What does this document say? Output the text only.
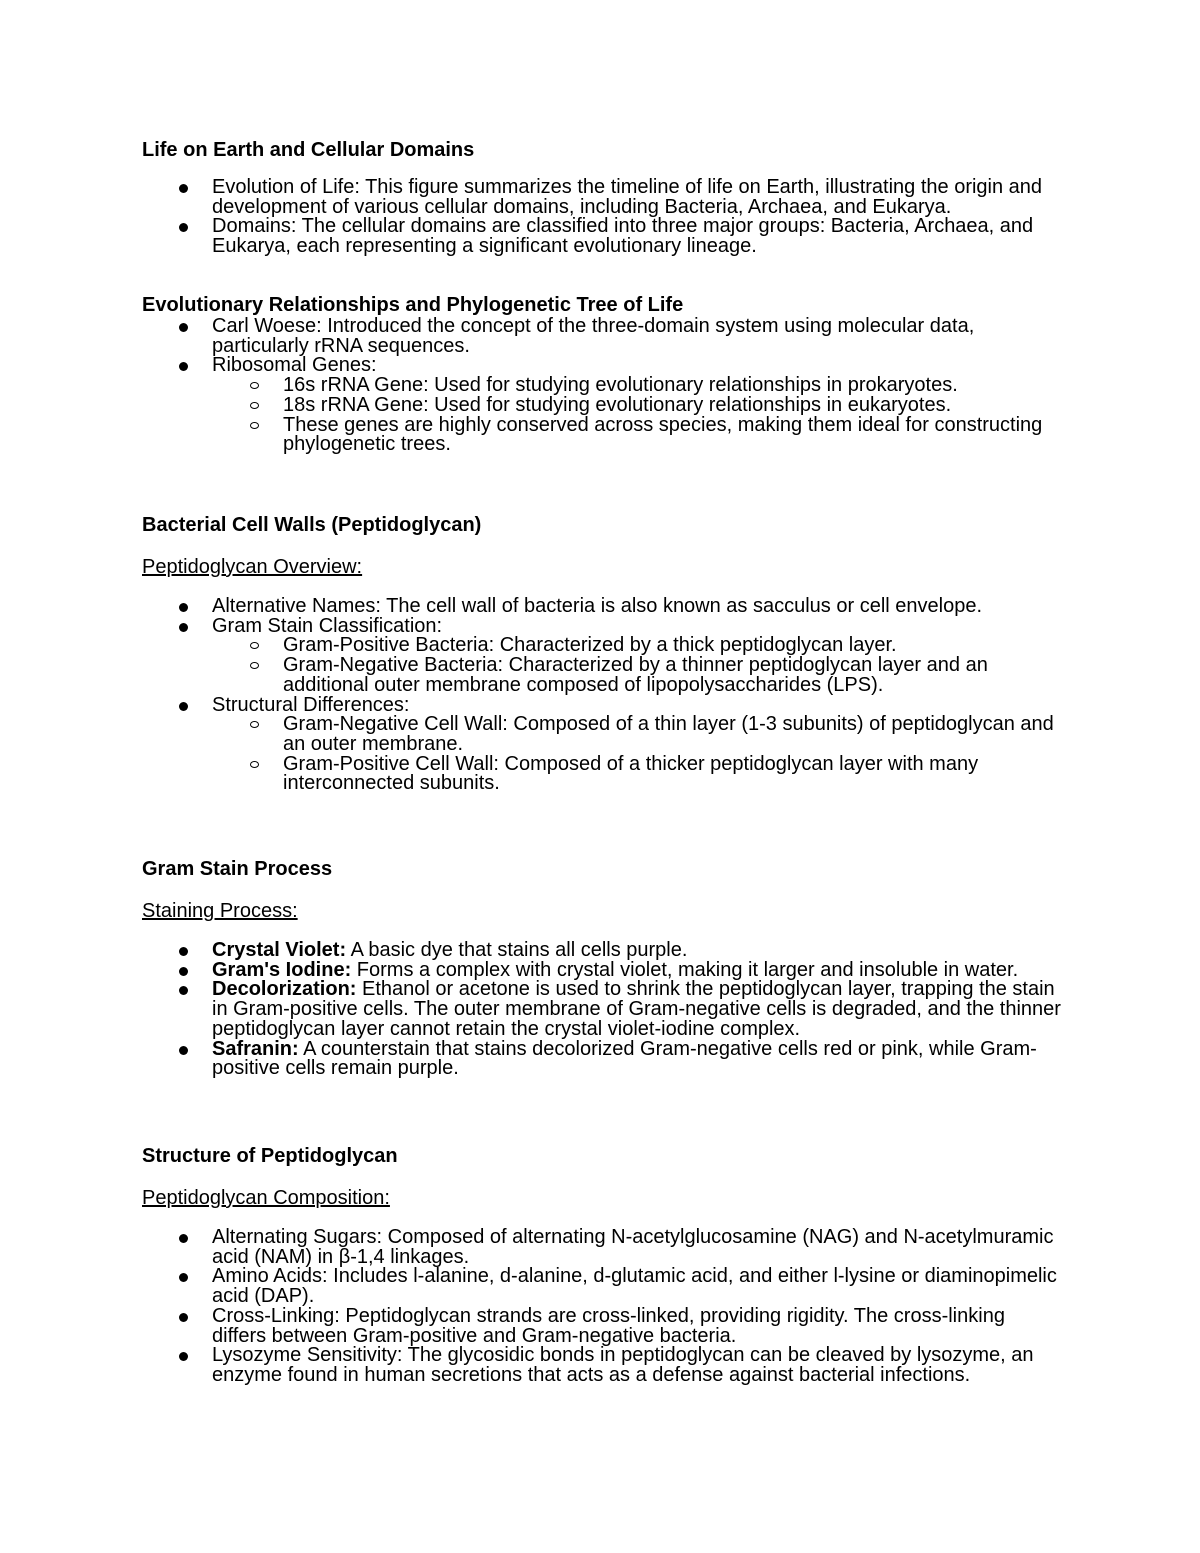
Life on Earth and Cellular Domains

Evolution of Life: This figure summarizes the timeline of life on Earth, illustrating the origin and development of various cellular domains, including Bacteria, Archaea, and Eukarya.
Domains: The cellular domains are classified into three major groups: Bacteria, Archaea, and Eukarya, each representing a significant evolutionary lineage.

Evolutionary Relationships and Phylogenetic Tree of Life

Carl Woese: Introduced the concept of the three-domain system using molecular data, particularly rRNA sequences.
Ribosomal Genes:
16s rRNA Gene: Used for studying evolutionary relationships in prokaryotes.
18s rRNA Gene: Used for studying evolutionary relationships in eukaryotes.
These genes are highly conserved across species, making them ideal for constructing phylogenetic trees.

Bacterial Cell Walls (Peptidoglycan)

Peptidoglycan Overview:

Alternative Names: The cell wall of bacteria is also known as sacculus or cell envelope.
Gram Stain Classification:
Gram-Positive Bacteria: Characterized by a thick peptidoglycan layer.
Gram-Negative Bacteria: Characterized by a thinner peptidoglycan layer and an additional outer membrane composed of lipopolysaccharides (LPS).
Structural Differences:
Gram-Negative Cell Wall: Composed of a thin layer (1-3 subunits) of peptidoglycan and an outer membrane.
Gram-Positive Cell Wall: Composed of a thicker peptidoglycan layer with many interconnected subunits.

Gram Stain Process

Staining Process:

Crystal Violet: A basic dye that stains all cells purple.
Gram's Iodine: Forms a complex with crystal violet, making it larger and insoluble in water.
Decolorization: Ethanol or acetone is used to shrink the peptidoglycan layer, trapping the stain in Gram-positive cells. The outer membrane of Gram-negative cells is degraded, and the thinner peptidoglycan layer cannot retain the crystal violet-iodine complex.
Safranin: A counterstain that stains decolorized Gram-negative cells red or pink, while Gram-positive cells remain purple.

Structure of Peptidoglycan

Peptidoglycan Composition:

Alternating Sugars: Composed of alternating N-acetylglucosamine (NAG) and N-acetylmuramic acid (NAM) in β-1,4 linkages.
Amino Acids: Includes l-alanine, d-alanine, d-glutamic acid, and either l-lysine or diaminopimelic acid (DAP).
Cross-Linking: Peptidoglycan strands are cross-linked, providing rigidity. The cross-linking differs between Gram-positive and Gram-negative bacteria.
Lysozyme Sensitivity: The glycosidic bonds in peptidoglycan can be cleaved by lysozyme, an enzyme found in human secretions that acts as a defense against bacterial infections.
